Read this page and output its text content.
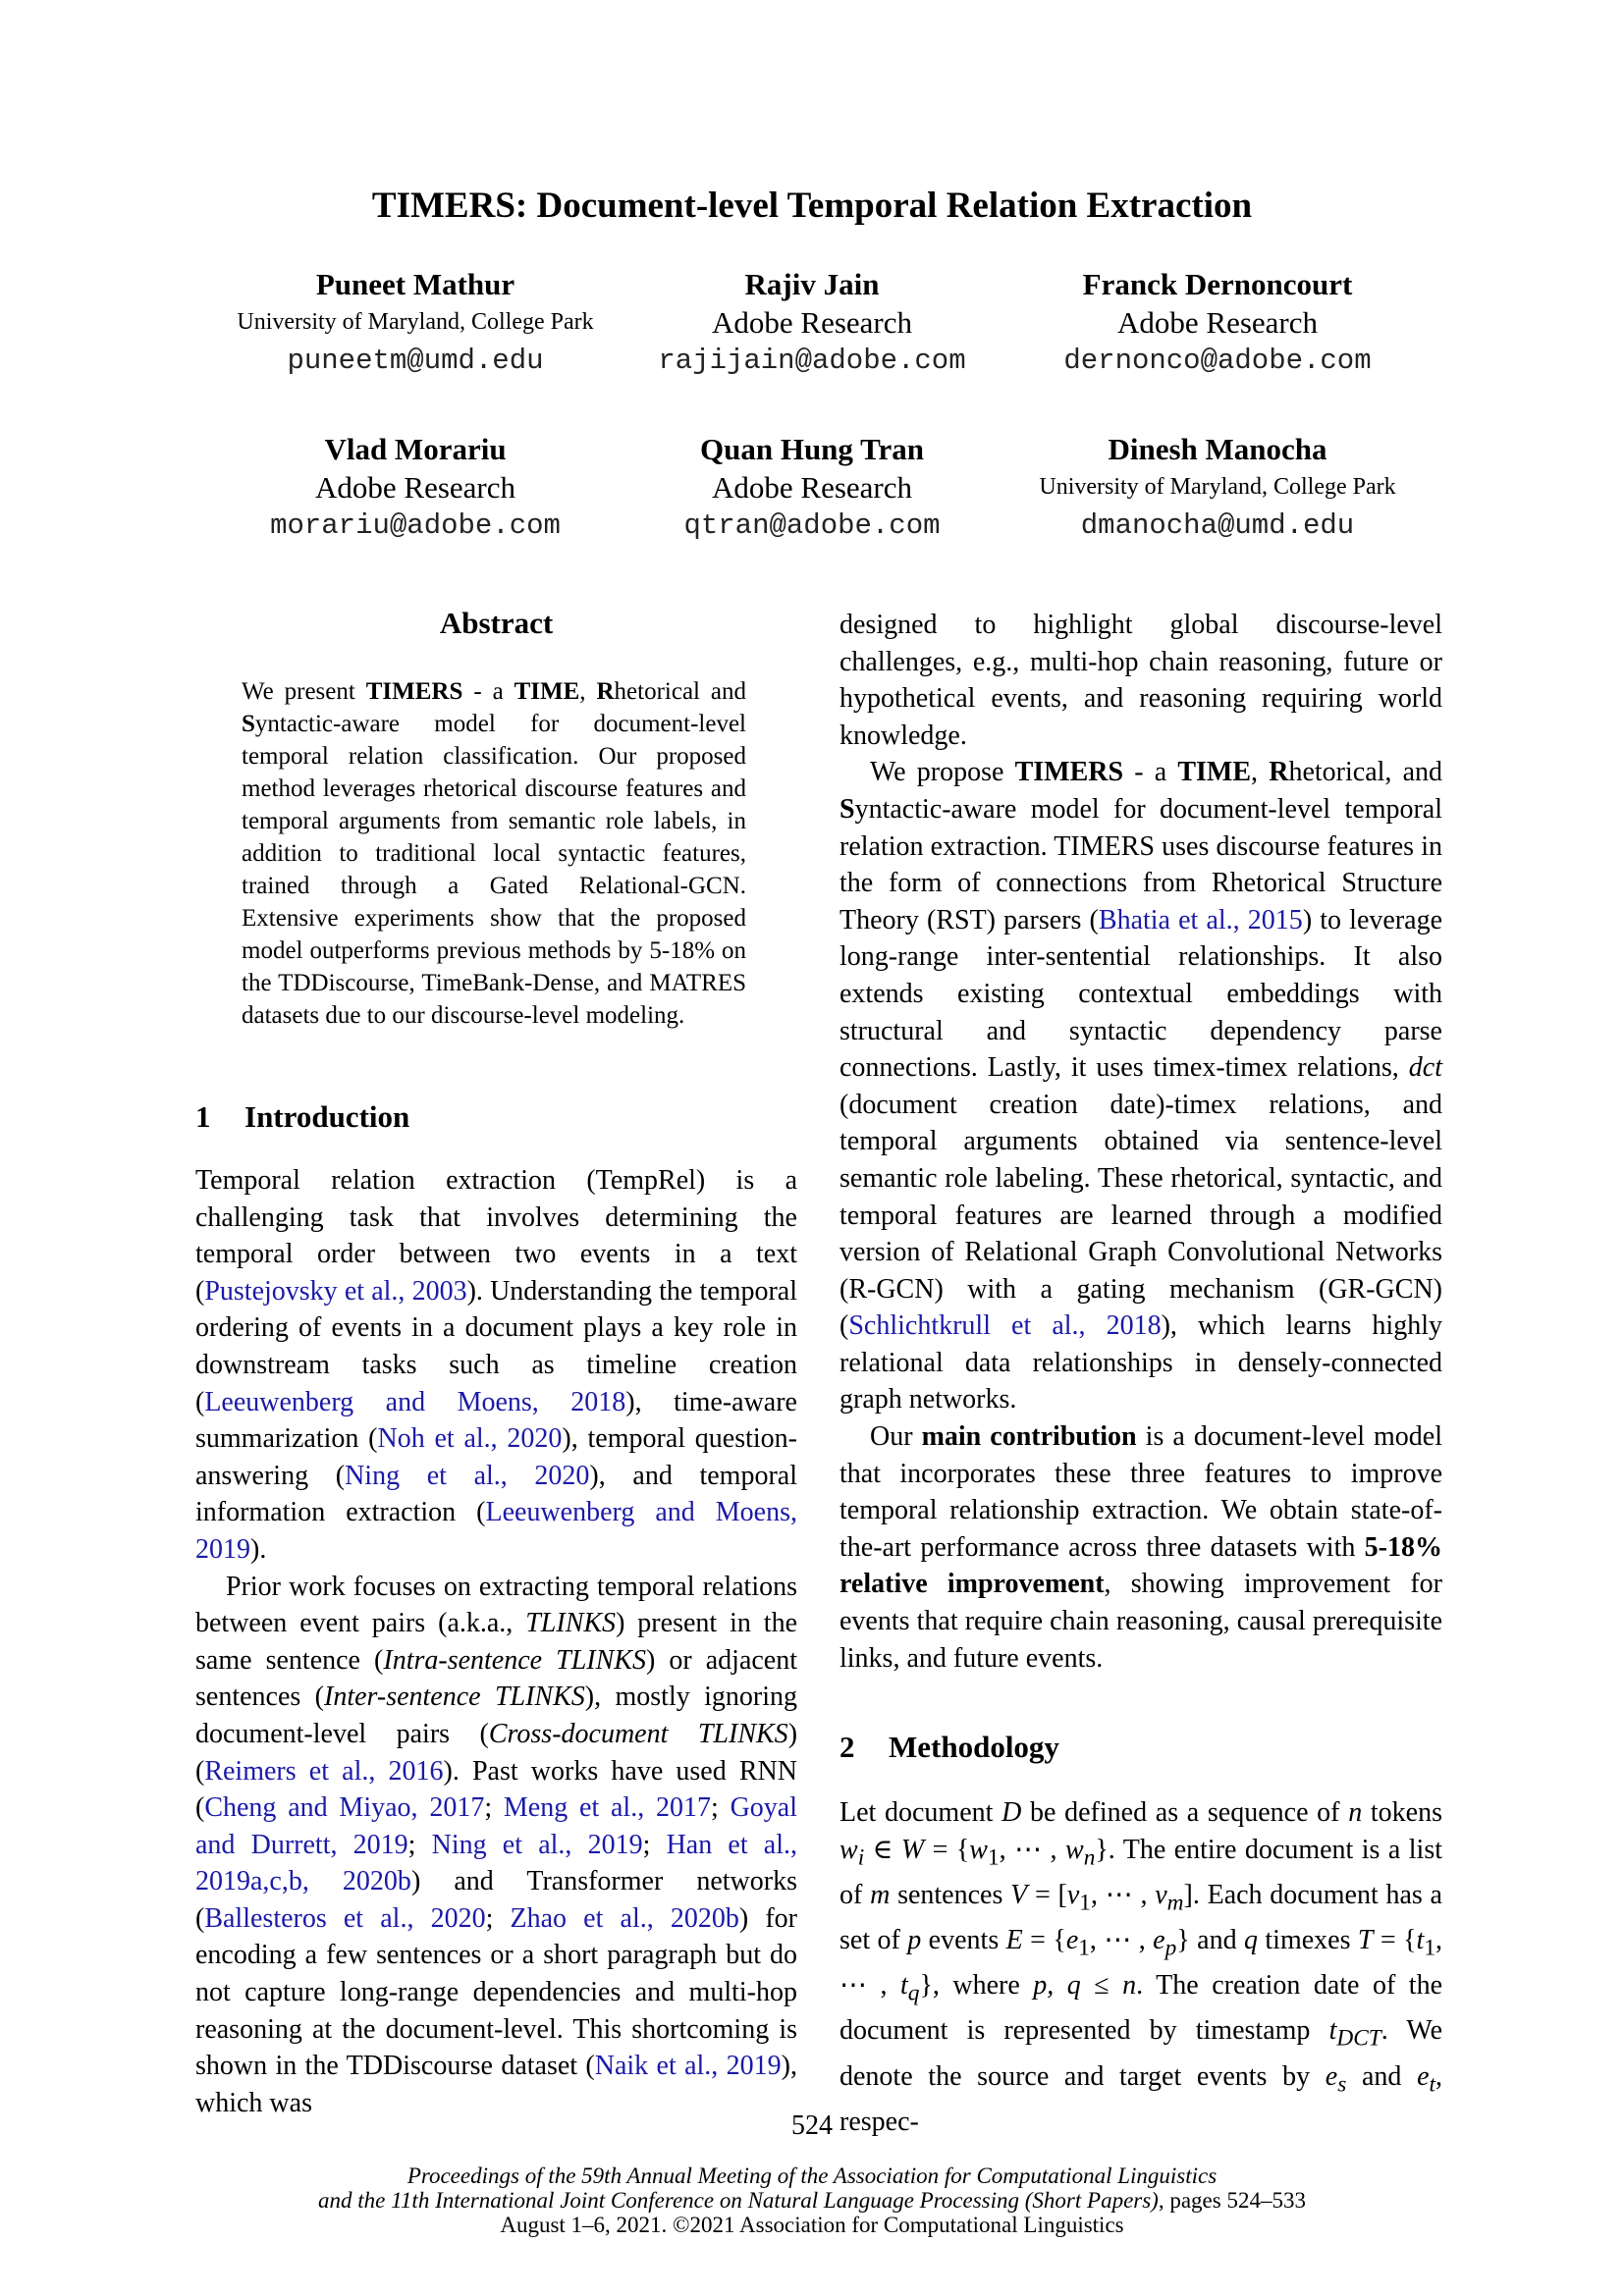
TIMERS: Document-level Temporal Relation Extraction
Puneet Mathur
University of Maryland, College Park
puneetm@umd.edu
Rajiv Jain
Adobe Research
rajijain@adobe.com
Franck Dernoncourt
Adobe Research
dernonco@adobe.com
Vlad Morariu
Adobe Research
morariu@adobe.com
Quan Hung Tran
Adobe Research
qtran@adobe.com
Dinesh Manocha
University of Maryland, College Park
dmanocha@umd.edu
Abstract
We present TIMERS - a TIME, Rhetorical and Syntactic-aware model for document-level temporal relation classification. Our proposed method leverages rhetorical discourse features and temporal arguments from semantic role labels, in addition to traditional local syntactic features, trained through a Gated Relational-GCN. Extensive experiments show that the proposed model outperforms previous methods by 5-18% on the TDDiscourse, TimeBank-Dense, and MATRES datasets due to our discourse-level modeling.
1 Introduction

Temporal relation extraction (TempRel) is a challenging task that involves determining the temporal order between two events in a text (Pustejovsky et al., 2003). Understanding the temporal ordering of events in a document plays a key role in downstream tasks such as timeline creation (Leeuwenberg and Moens, 2018), time-aware summarization (Noh et al., 2020), temporal question-answering (Ning et al., 2020), and temporal information extraction (Leeuwenberg and Moens, 2019).

Prior work focuses on extracting temporal relations between event pairs (a.k.a., TLINKS) present in the same sentence (Intra-sentence TLINKS) or adjacent sentences (Inter-sentence TLINKS), mostly ignoring document-level pairs (Cross-document TLINKS) (Reimers et al., 2016). Past works have used RNN (Cheng and Miyao, 2017; Meng et al., 2017; Goyal and Durrett, 2019; Ning et al., 2019; Han et al., 2019a,c,b, 2020b) and Transformer networks (Ballesteros et al., 2020; Zhao et al., 2020b) for encoding a few sentences or a short paragraph but do not capture long-range dependencies and multi-hop reasoning at the document-level. This shortcoming is shown in the TDDiscourse dataset (Naik et al., 2019), which was

designed to highlight global discourse-level challenges, e.g., multi-hop chain reasoning, future or hypothetical events, and reasoning requiring world knowledge.

We propose TIMERS - a TIME, Rhetorical, and Syntactic-aware model for document-level temporal relation extraction. TIMERS uses discourse features in the form of connections from Rhetorical Structure Theory (RST) parsers (Bhatia et al., 2015) to leverage long-range inter-sentential relationships. It also extends existing contextual embeddings with structural and syntactic dependency parse connections. Lastly, it uses timex-timex relations, dct (document creation date)-timex relations, and temporal arguments obtained via sentence-level semantic role labeling. These rhetorical, syntactic, and temporal features are learned through a modified version of Relational Graph Convolutional Networks (R-GCN) with a gating mechanism (GR-GCN) (Schlichtkrull et al., 2018), which learns highly relational data relationships in densely-connected graph networks.

Our main contribution is a document-level model that incorporates these three features to improve temporal relationship extraction. We obtain state-of-the-art performance across three datasets with 5-18% relative improvement, showing improvement for events that require chain reasoning, causal prerequisite links, and future events.

2 Methodology

Let document D be defined as a sequence of n tokens $w_i$ ∈ $W = \{w_1$, ⋯ , $w_n$}. The entire document is a list of m sentences $V = [v_1$, ⋯ , $v_m$]. Each document has a set of p events $E = \{e_1$, ⋯ , $e_p$} and q timexes $T = \{t_1$, ⋯ , $t_q$}, where p, q ≤ n. The creation date of the document is represented by timestamp $t_{DCT}$. We denote the source and target events by $e_s$ and $e_t$, respec-

524
Proceedings of the 59th Annual Meeting of the Association for Computational Linguistics
and the 11th International Joint Conference on Natural Language Processing (Short Papers), pages 524–533
August 1–6, 2021. ©2021 Association for Computational Linguistics
